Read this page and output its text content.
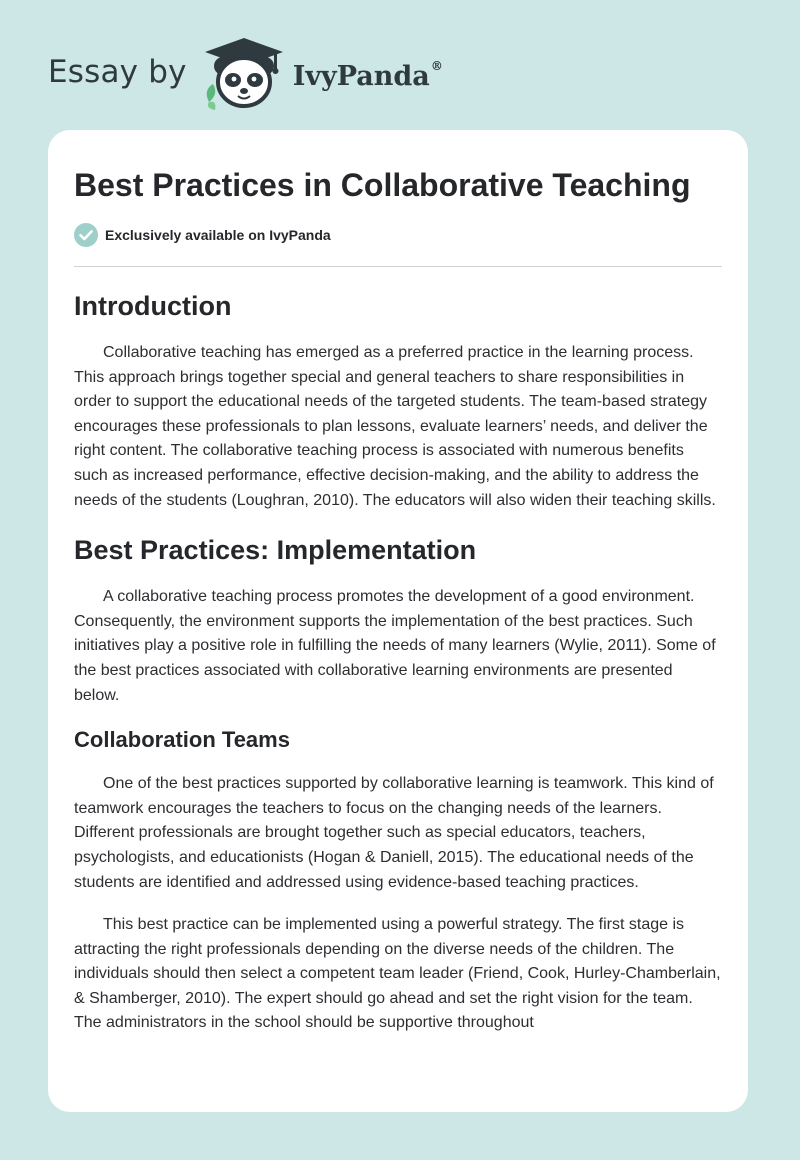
Essay by	IvyPanda®
Best Practices in Collaborative Teaching
Exclusively available on IvyPanda
Introduction

Collaborative teaching has emerged as a preferred practice in the learning process. This approach brings together special and general teachers to share responsibilities in order to support the educational needs of the targeted students. The team-based strategy encourages these professionals to plan lessons, evaluate learners’ needs, and deliver the right content. The collaborative teaching process is associated with numerous benefits such as increased performance, effective decision-making, and the ability to address the needs of the students (Loughran, 2010). The educators will also widen their teaching skills.

Best Practices: Implementation

A collaborative teaching process promotes the development of a good environment. Consequently, the environment supports the implementation of the best practices. Such initiatives play a positive role in fulfilling the needs of many learners (Wylie, 2011). Some of the best practices associated with collaborative learning environments are presented below.

Collaboration Teams

One of the best practices supported by collaborative learning is teamwork. This kind of teamwork encourages the teachers to focus on the changing needs of the learners. Different professionals are brought together such as special educators, teachers, psychologists, and educationists (Hogan & Daniell, 2015). The educational needs of the students are identified and addressed using evidence-based teaching practices.

This best practice can be implemented using a powerful strategy. The first stage is attracting the right professionals depending on the diverse needs of the children. The individuals should then select a competent team leader (Friend, Cook, Hurley-Chamberlain, & Shamberger, 2010). The expert should go ahead and set the right vision for the team. The administrators in the school should be supportive throughout
